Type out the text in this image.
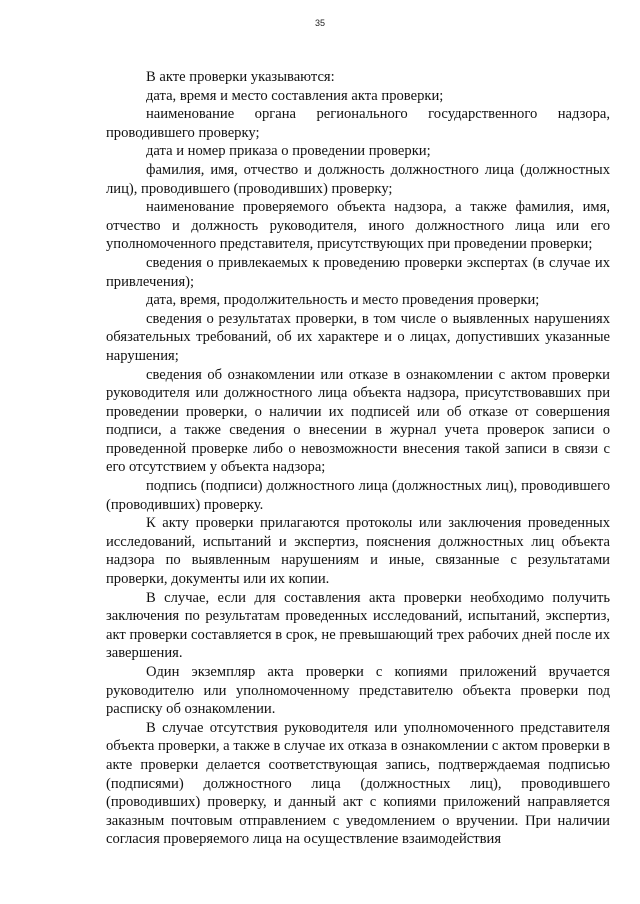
35

В акте проверки указываются:

дата, время и место составления акта проверки;

наименование органа регионального государственного надзора, проводившего проверку;

дата и номер приказа о проведении проверки;

фамилия, имя, отчество и должность должностного лица (должностных лиц), проводившего (проводивших) проверку;

наименование проверяемого объекта надзора, а также фамилия, имя, отчество и должность руководителя, иного должностного лица или его уполномоченного представителя, присутствующих при проведении проверки;

сведения о привлекаемых к проведению проверки экспертах (в случае их привлечения);

дата, время, продолжительность и место проведения проверки;

сведения о результатах проверки, в том числе о выявленных нарушениях обязательных требований, об их характере и о лицах, допустивших указанные нарушения;

сведения об ознакомлении или отказе в ознакомлении с актом проверки руководителя или должностного лица объекта надзора, присутствовавших при проведении проверки, о наличии их подписей или об отказе от совершения подписи, а также сведения о внесении в журнал учета проверок записи о проведенной проверке либо о невозможности внесения такой записи в связи с его отсутствием у объекта надзора;

подпись (подписи) должностного лица (должностных лиц), проводившего (проводивших) проверку.

К акту проверки прилагаются протоколы или заключения проведенных исследований, испытаний и экспертиз, пояснения должностных лиц объекта надзора по выявленным нарушениям и иные, связанные с результатами проверки, документы или их копии.

В случае, если для составления акта проверки необходимо получить заключения по результатам проведенных исследований, испытаний, экспертиз, акт проверки составляется в срок, не превышающий трех рабочих дней после их завершения.

Один экземпляр акта проверки с копиями приложений вручается руководителю или уполномоченному представителю объекта проверки под расписку об ознакомлении.

В случае отсутствия руководителя или уполномоченного представителя объекта проверки, а также в случае их отказа в ознакомлении с актом проверки в акте проверки делается соответствующая запись, подтверждаемая подписью (подписями) должностного лица (должностных лиц), проводившего (проводивших) проверку, и данный акт с копиями приложений направляется заказным почтовым отправлением с уведомлением о вручении. При наличии согласия проверяемого лица на осуществление взаимодействия
